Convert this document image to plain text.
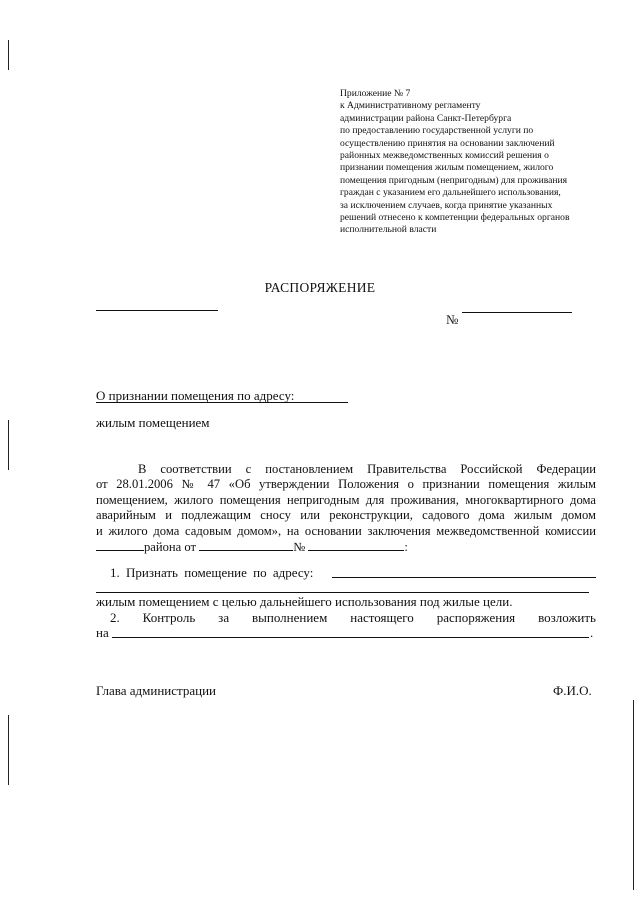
Приложение № 7
к Административному регламенту
администрации района Санкт-Петербурга
по предоставлению государственной услуги по
осуществлению принятия на основании заключений
районных межведомственных комиссий решения о
признании помещения жилым помещением, жилого
помещения пригодным (непригодным) для проживания
граждан с указанием его дальнейшего использования,
за исключением случаев, когда принятие указанных
решений отнесено к компетенции федеральных органов
исполнительной власти
РАСПОРЯЖЕНИЕ
№
О признании помещения по адресу:
жилым помещением
В соответствии с постановлением Правительства Российской Федерации
от 28.01.2006 № 47 «Об утверждении Положения о признании помещения жилым
помещением, жилого помещения непригодным для проживания, многоквартирного дома
аварийным и подлежащим сносу или реконструкции, садового дома жилым домом
и жилого дома садовым домом», на основании заключения межведомственной комиссии
района от	№	:
1. Признать помещение по адресу:
жилым помещением с целью дальнейшего использования под жилые цели.
2. Контроль за выполнением настоящего распоряжения возложить
на	.
Глава администрации	Ф.И.О.
